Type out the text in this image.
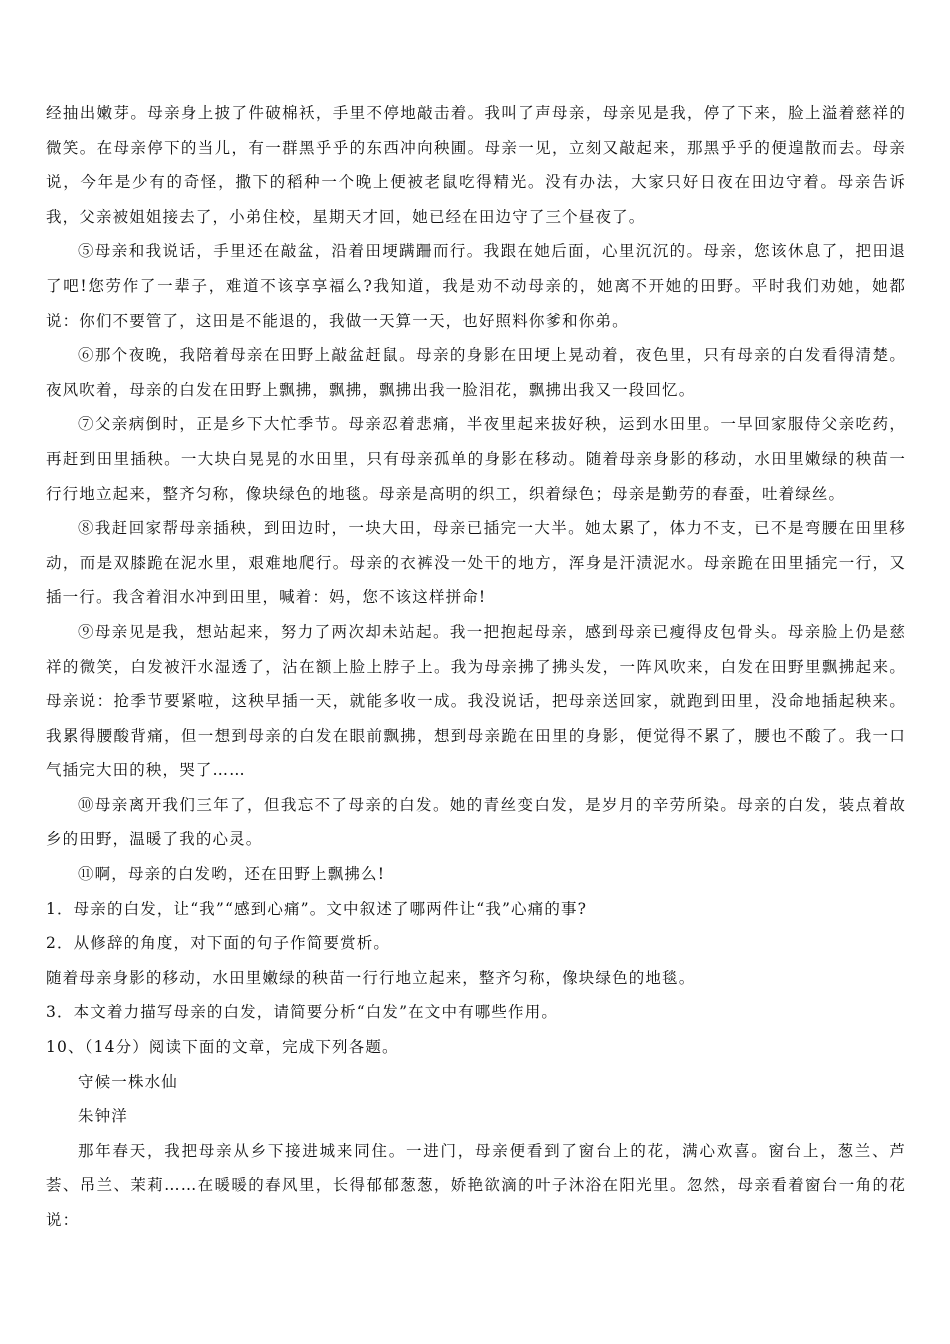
经抽出嫩芽。母亲身上披了件破棉袄，手里不停地敲击着。我叫了声母亲，母亲见是我，停了下来，脸上溢着慈祥的微笑。在母亲停下的当儿，有一群黑乎乎的东西冲向秧圃。母亲一见，立刻又敲起来，那黑乎乎的便遑散而去。母亲说，今年是少有的奇怪，撒下的稻种一个晚上便被老鼠吃得精光。没有办法，大家只好日夜在田边守着。母亲告诉我，父亲被姐姐接去了，小弟住校，星期天才回，她已经在田边守了三个昼夜了。

⑤母亲和我说话，手里还在敲盆，沿着田埂蹒跚而行。我跟在她后面，心里沉沉的。母亲，您该休息了，把田退了吧!您劳作了一辈子，难道不该享享福么?我知道，我是劝不动母亲的，她离不开她的田野。平时我们劝她，她都说：你们不要管了，这田是不能退的，我做一天算一天，也好照料你爹和你弟。

⑥那个夜晚，我陪着母亲在田野上敲盆赶鼠。母亲的身影在田埂上晃动着，夜色里，只有母亲的白发看得清楚。夜风吹着，母亲的白发在田野上飘拂，飘拂，飘拂出我一脸泪花，飘拂出我又一段回忆。

⑦父亲病倒时，正是乡下大忙季节。母亲忍着悲痛，半夜里起来拔好秧，运到水田里。一早回家服侍父亲吃药，再赶到田里插秧。一大块白晃晃的水田里，只有母亲孤单的身影在移动。随着母亲身影的移动，水田里嫩绿的秧苗一行行地立起来，整齐匀称，像块绿色的地毯。母亲是高明的织工，织着绿色；母亲是勤劳的春蚕，吐着绿丝。

⑧我赶回家帮母亲插秧，到田边时，一块大田，母亲已插完一大半。她太累了，体力不支，已不是弯腰在田里移动，而是双膝跪在泥水里，艰难地爬行。母亲的衣裤没一处干的地方，浑身是汗渍泥水。母亲跪在田里插完一行，又插一行。我含着泪水冲到田里，喊着：妈，您不该这样拼命!

⑨母亲见是我，想站起来，努力了两次却未站起。我一把抱起母亲，感到母亲已瘦得皮包骨头。母亲脸上仍是慈祥的微笑，白发被汗水湿透了，沾在额上脸上脖子上。我为母亲拂了拂头发，一阵风吹来，白发在田野里飘拂起来。母亲说：抢季节要紧啦，这秧早插一天，就能多收一成。我没说话，把母亲送回家，就跑到田里，没命地插起秧来。我累得腰酸背痛，但一想到母亲的白发在眼前飘拂，想到母亲跪在田里的身影，便觉得不累了，腰也不酸了。我一口气插完大田的秧，哭了……

⑩母亲离开我们三年了，但我忘不了母亲的白发。她的青丝变白发，是岁月的辛劳所染。母亲的白发，装点着故乡的田野，温暖了我的心灵。

⑪啊，母亲的白发哟，还在田野上飘拂么!

1．母亲的白发，让“我”“感到心痛”。文中叙述了哪两件让“我”心痛的事?

2．从修辞的角度，对下面的句子作简要赏析。

随着母亲身影的移动，水田里嫩绿的秧苗一行行地立起来，整齐匀称，像块绿色的地毯。

3．本文着力描写母亲的白发，请简要分析“白发”在文中有哪些作用。

10、（14分）阅读下面的文章，完成下列各题。

守候一株水仙

朱钟洋

那年春天，我把母亲从乡下接进城来同住。一进门，母亲便看到了窗台上的花，满心欢喜。窗台上，葱兰、芦荟、吊兰、茉莉……在暖暖的春风里，长得郁郁葱葱，娇艳欲滴的叶子沐浴在阳光里。忽然，母亲看着窗台一角的花说：
